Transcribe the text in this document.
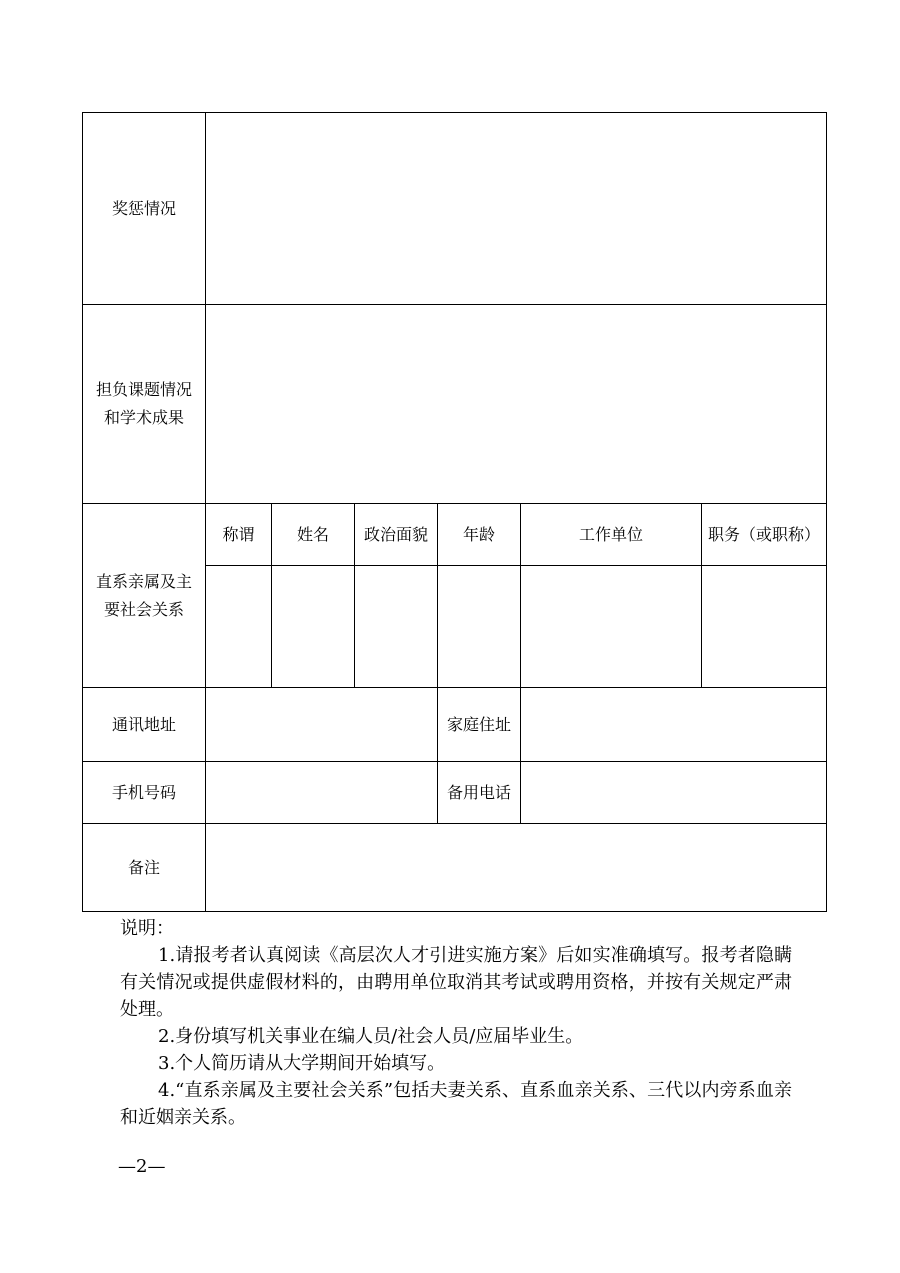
奖惩情况						
担负课题情况和学术成果						
直系亲属及主要社会关系	称谓	姓名	政治面貌	年龄	工作单位	职务（或职称）

通讯地址				家庭住址		
手机号码				备用电话		
备注						

说明：

1.请报考者认真阅读《高层次人才引进实施方案》后如实准确填写。报考者隐瞒有关情况或提供虚假材料的，由聘用单位取消其考试或聘用资格，并按有关规定严肃处理。

2.身份填写机关事业在编人员/社会人员/应届毕业生。

3.个人简历请从大学期间开始填写。

4.“直系亲属及主要社会关系”包括夫妻关系、直系血亲关系、三代以内旁系血亲和近姻亲关系。

—2—
